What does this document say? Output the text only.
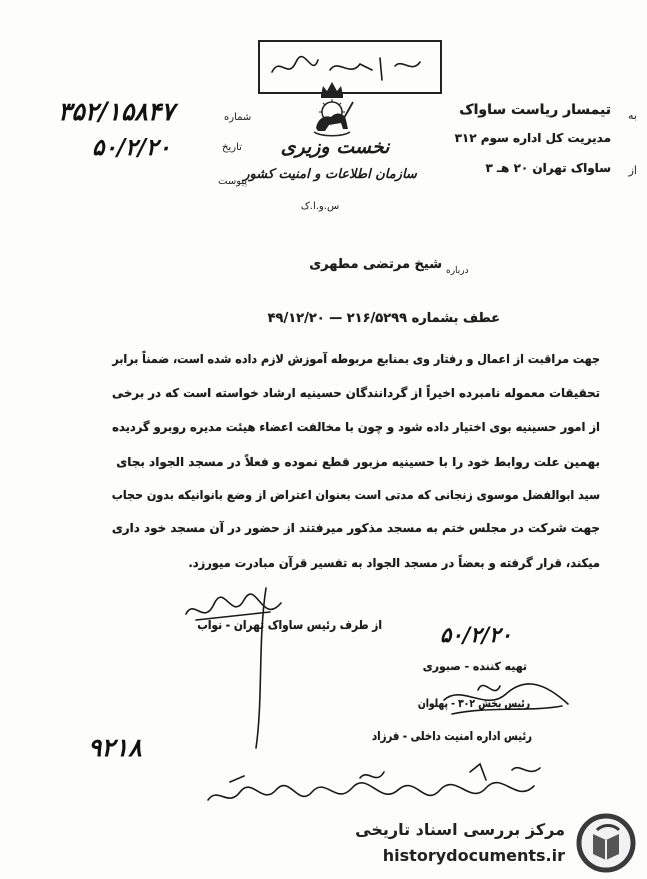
نخست وزیری
سازمان اطلاعات و امنیت کشور
س.و.ا.ک
به
تیمسار ریاست ساواک
مدیریت کل اداره سوم ۳۱۲
از
ساواک تهران ۲۰ هـ ۳
شماره
۳۵۲/۱۵۸۴۷
تاریخ
۵۰/۲/۲۰
پیوست
درباره
شیخ مرتضی مطهری
عطف بشماره ۲۱۶/۵۲۹۹ — ۴۹/۱۲/۲۰
جهت مراقبت از اعمال و رفتار وی بمنابع مربوطه آموزش لازم داده شده است، ضمناً برابر
تحقیقات معموله نامبرده اخیراً از گردانندگان حسینیه ارشاد خواسته است که در برخی
از امور حسینیه بوی اختیار داده شود و چون با مخالفت اعضاء هیئت مدیره روبرو گردیده
بهمین علت روابط خود را با حسینیه مزبور قطع نموده و فعلاً در مسجد الجواد بجای
سید ابوالفضل موسوی زنجانی که مدتی است بعنوان اعتراض از وضع بانوانیکه بدون حجاب
جهت شرکت در مجلس ختم به مسجد مذکور میرفتند از حضور در آن مسجد خود داری
میکند، قرار گرفته و بعضاً در مسجد الجواد به تفسیر قرآن مبادرت میورزد.
از طرف رئیس ساواک تهران - نواب	۵۰/۲/۲۰
تهیه کننده - صبوری
رئیس بخش ۳۰۲ - پهلوان
رئیس اداره امنیت داخلی - فرزاد
۹۲۱۸
مرکز بررسی اسناد تاریخی
historydocuments.ir
